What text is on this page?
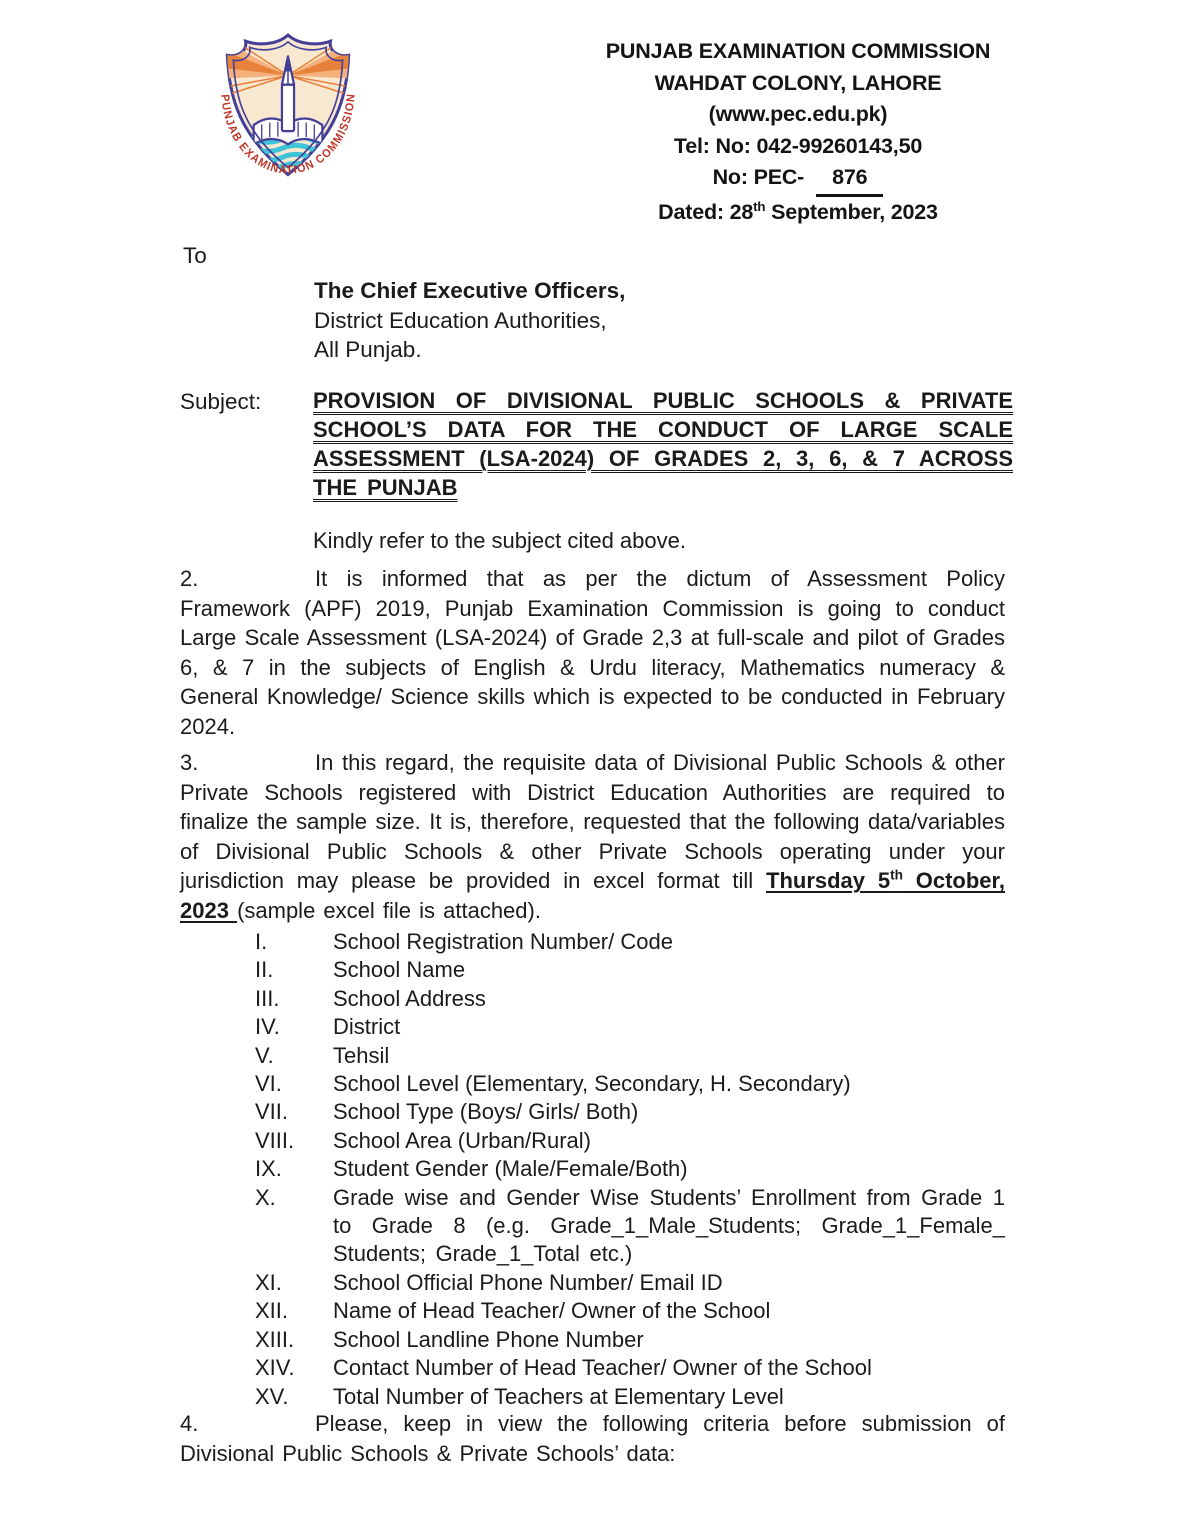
PUNJAB EXAMINATION COMMISSION
PUNJAB EXAMINATION COMMISSION
WAHDAT COLONY, LAHORE
(www.pec.edu.pk)
Tel: No: 042-99260143,50
No: PEC- 876
Dated: 28th September, 2023
To
The Chief Executive Officers,
District Education Authorities,
All Punjab.
Subject: PROVISION OF DIVISIONAL PUBLIC SCHOOLS & PRIVATE SCHOOL’S DATA FOR THE CONDUCT OF LARGE SCALE ASSESSMENT (LSA-2024) OF GRADES 2, 3, 6, & 7 ACROSS THE PUNJAB
Kindly refer to the subject cited above.
2.	It is informed that as per the dictum of Assessment Policy Framework (APF) 2019, Punjab Examination Commission is going to conduct Large Scale Assessment (LSA-2024) of Grade 2,3 at full-scale and pilot of Grades 6, & 7 in the subjects of English & Urdu literacy, Mathematics numeracy & General Knowledge/ Science skills which is expected to be conducted in February 2024.

3.	In this regard, the requisite data of Divisional Public Schools & other Private Schools registered with District Education Authorities are required to finalize the sample size. It is, therefore, requested that the following data/variables of Divisional Public Schools & other Private Schools operating under your jurisdiction may please be provided in excel format till Thursday 5th October, 2023 (sample excel file is attached).

I.	School Registration Number/ Code
II.	School Name
III. School Address
IV. District
V.	Tehsil
VI. School Level (Elementary, Secondary, H. Secondary)
VII. School Type (Boys/ Girls/ Both)
VIII. School Area (Urban/Rural)
IX. Student Gender (Male/Female/Both)
X.	Grade wise and Gender Wise Students’ Enrollment from Grade 1 to Grade 8 (e.g. Grade_1_Male_Students; Grade_1_Female_ Students; Grade_1_Total etc.)
XI. School Official Phone Number/ Email ID
XII. Name of Head Teacher/ Owner of the School
XIII. School Landline Phone Number
XIV. Contact Number of Head Teacher/ Owner of the School
XV. Total Number of Teachers at Elementary Level
4.	Please, keep in view the following criteria before submission of Divisional Public Schools & Private Schools’ data:
